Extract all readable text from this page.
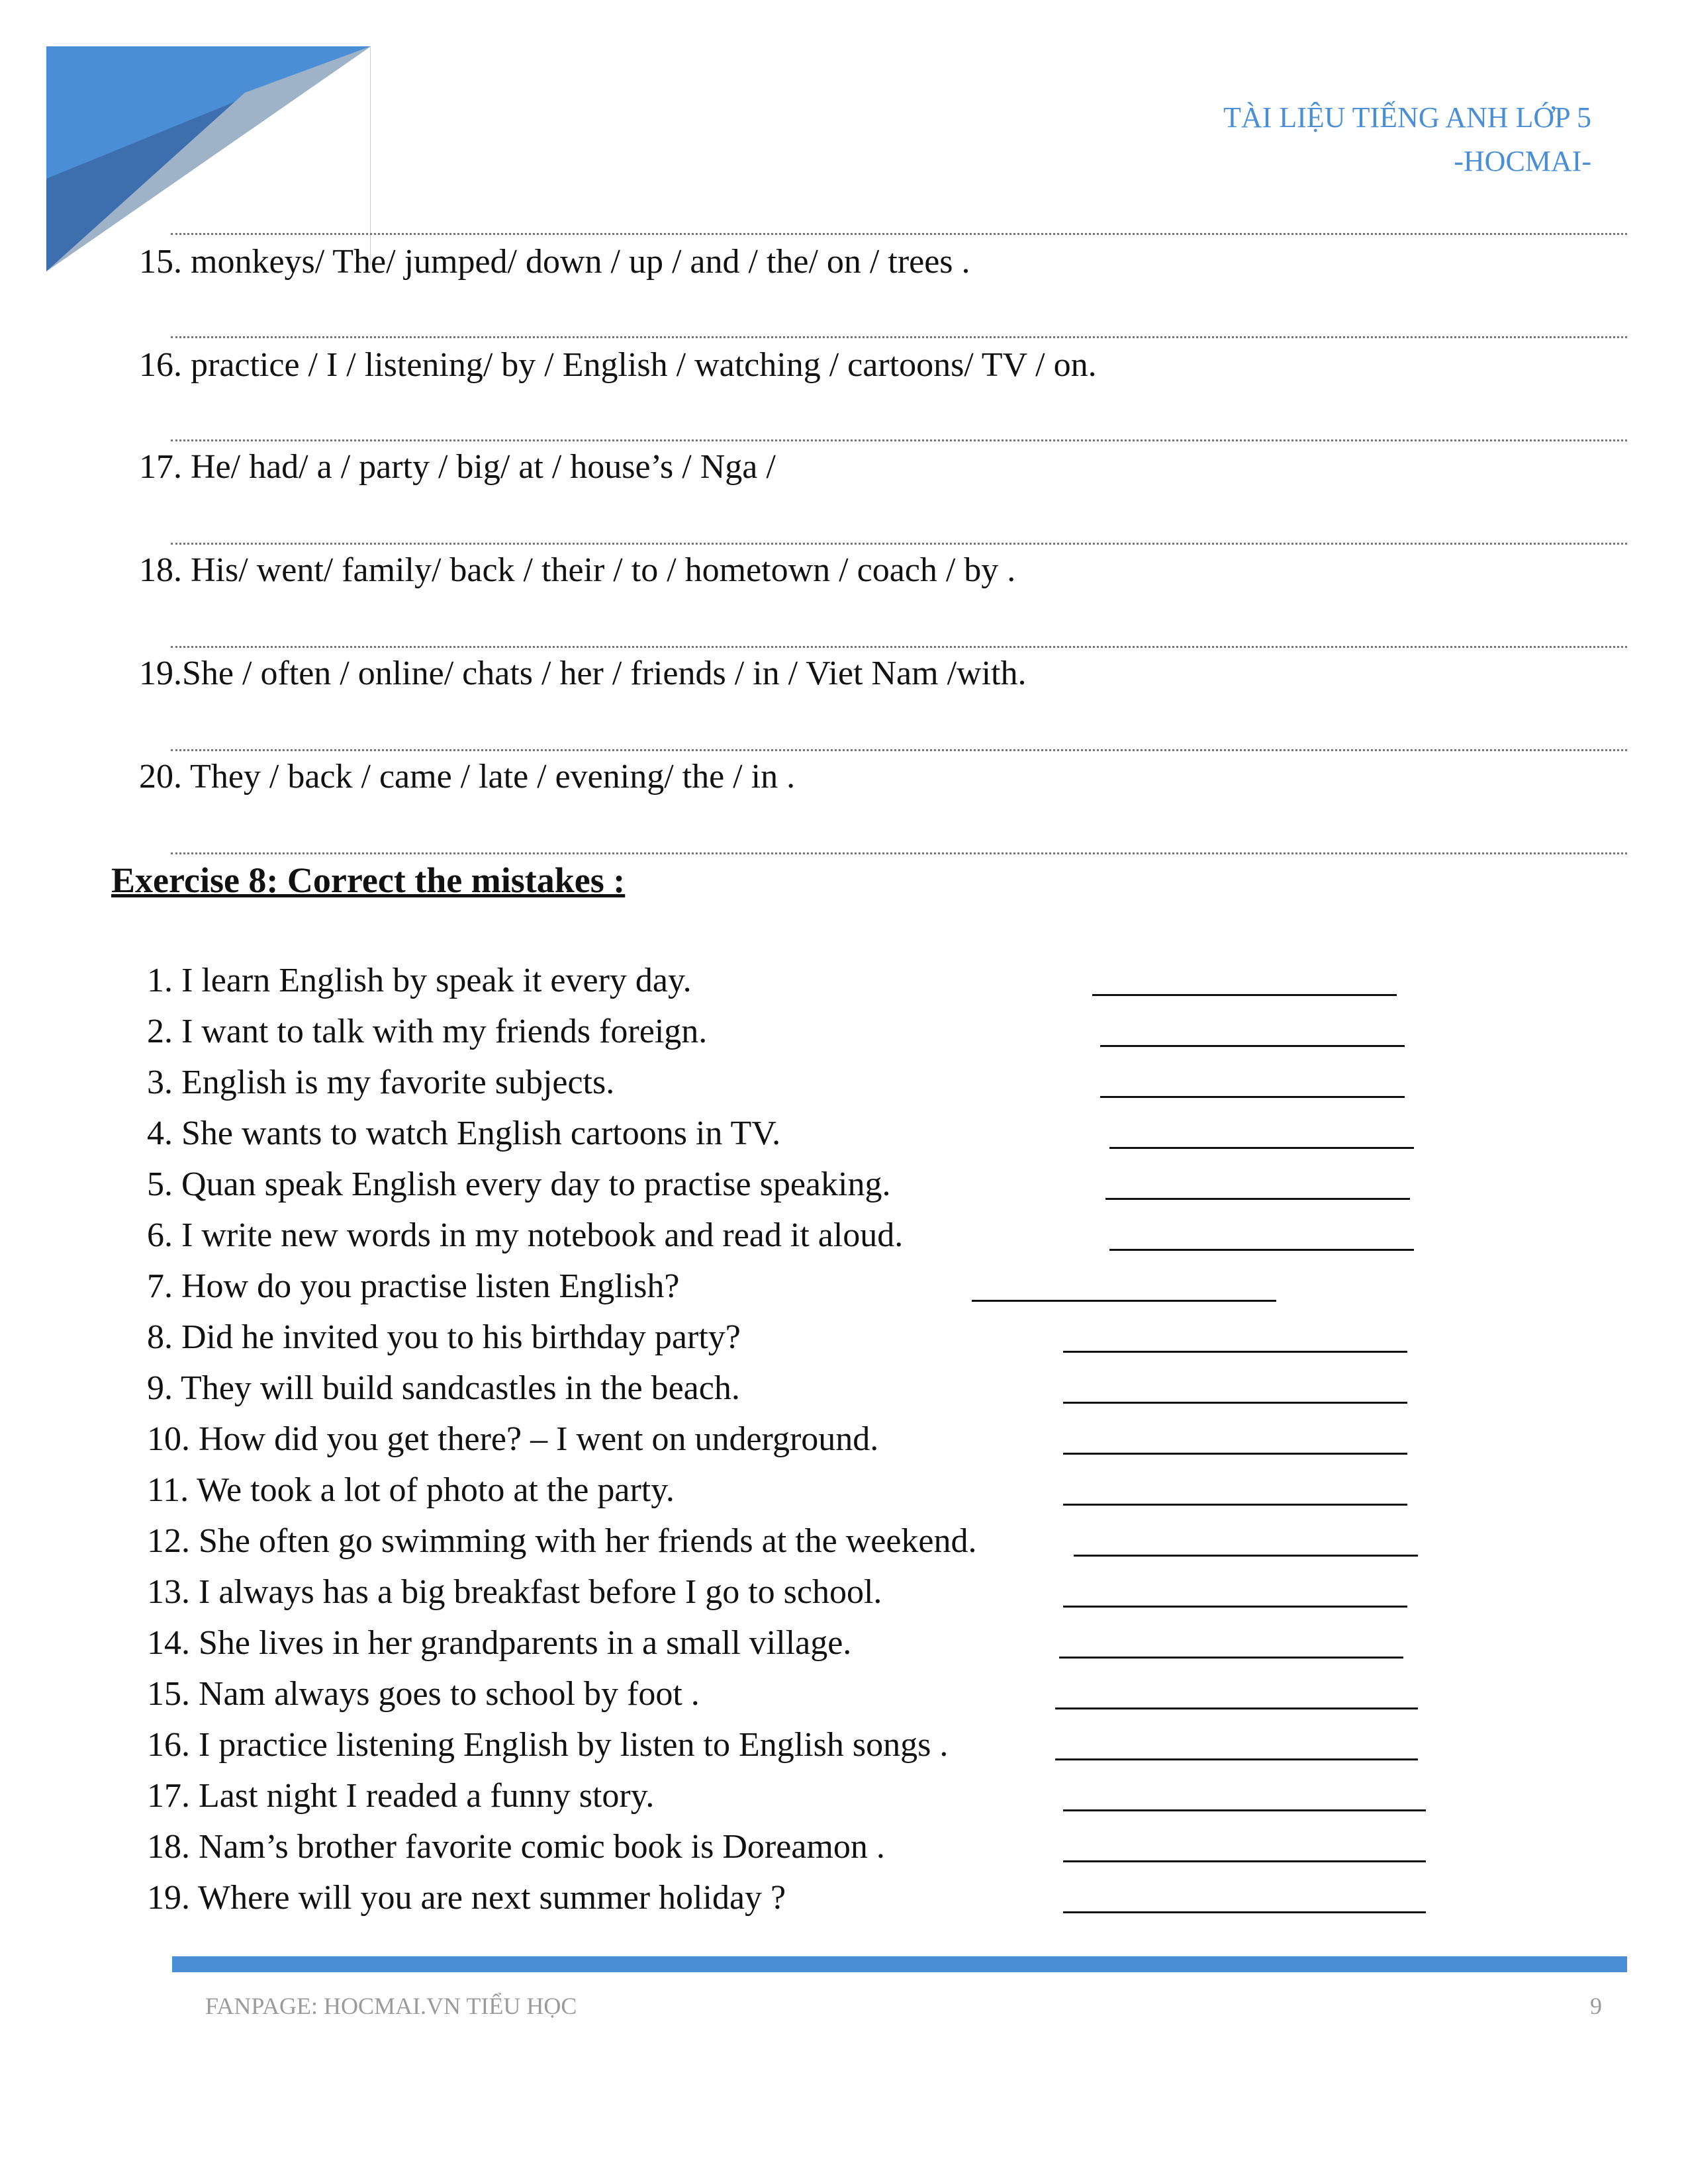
TÀI LIỆU TIẾNG ANH LỚP 5
-HOCMAI-
15. monkeys/ The/ jumped/ down / up / and / the/ on / trees .
16. practice / I / listening/ by / English / watching / cartoons/ TV / on.
17. He/ had/ a / party / big/ at / house’s / Nga /
18. His/ went/ family/ back / their / to / hometown / coach / by .
19.She / often / online/ chats / her / friends / in / Viet Nam /with.
20. They / back / came / late / evening/ the / in .
Exercise 8: Correct the mistakes :
1. I learn English by speak it every day.
2. I want to talk with my friends foreign.
3. English is my favorite subjects.
4. She wants to watch English cartoons in TV.
5. Quan speak English every day to practise speaking.
6. I write new words in my notebook and read it aloud.
7. How do you practise listen English?
8. Did he invited you to his birthday party?
9. They will build sandcastles in the beach.
10. How did you get there? – I went on underground.
11. We took a lot of photo at the party.
12. She often go swimming with her friends at the weekend.
13. I always has a big breakfast before I go to school.
14. She lives in her grandparents in a small village.
15. Nam always goes to school by foot .
16. I practice listening English by listen to English songs .
17. Last night I readed a funny story.
18. Nam’s brother favorite comic book is Doreamon .
19. Where will you are next summer holiday ?
FANPAGE: HOCMAI.VN TIỂU HỌC	9
